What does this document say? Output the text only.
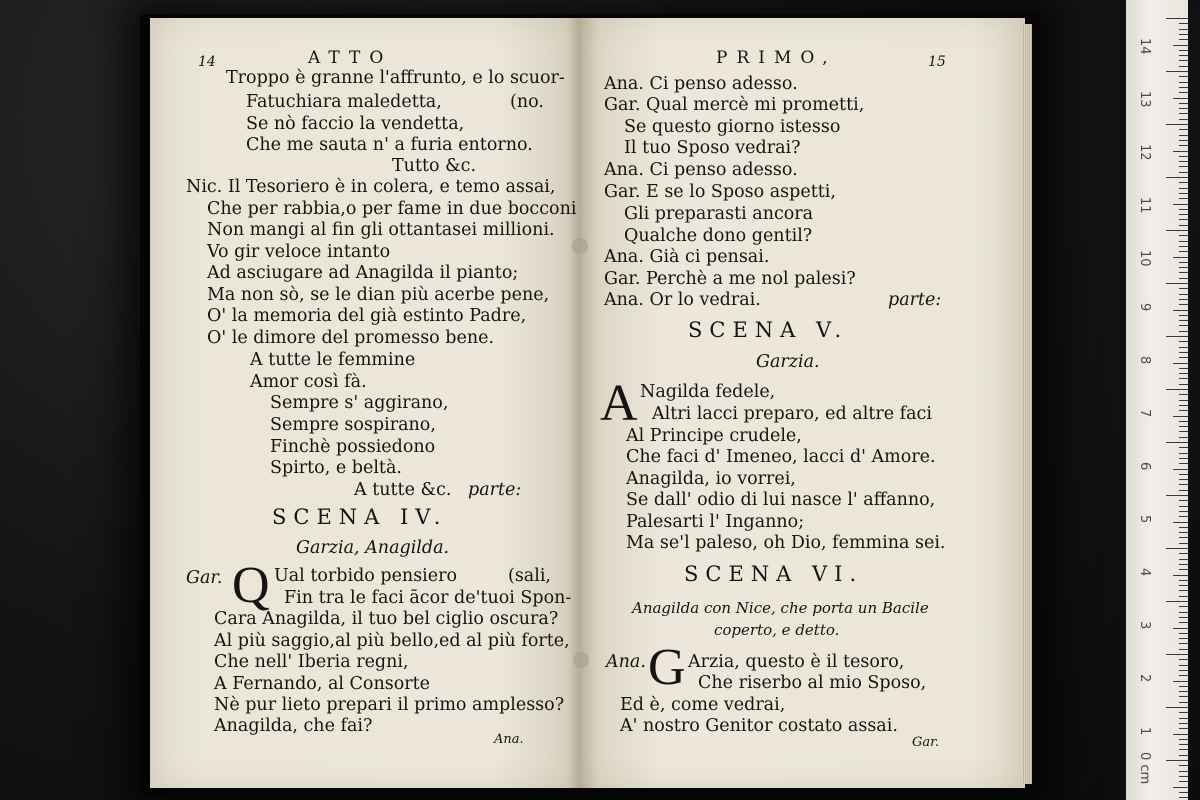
14	ATTO
Troppo è granne l'affrunto, e lo scuor-
Fatuchiara maledetta,	(no.
Se nò faccio la vendetta,
Che me sauta n' a furia entorno.
Tutto &c.
Nic. Il Tesoriero è in colera, e temo assai,
Che per rabbia,o per fame in due bocconi
Non mangi al fin gli ottantasei millioni.
Vo gir veloce intanto
Ad asciugare ad Anagilda il pianto;
Ma non sò, se le dian più acerbe pene,
O' la memoria del già estinto Padre,
O' le dimore del promesso bene.
A tutte le femmine
Amor così fà.
Sempre s' aggirano,
Sempre sospirano,
Finchè possiedono
Spirto, e beltà.
A tutte &c. parte:
SCENA IV.
Garzia, Anagilda.
Gar. Q Ual torbido pensiero	(sali,
Fin tra le faci ācor de'tuoi Spon-
Cara Anagilda, il tuo bel ciglio oscura?
Al più saggio,al più bello,ed al più forte,
Che nell' Iberia regni,
A Fernando, al Consorte
Nè pur lieto prepari il primo amplesso?
Anagilda, che fai?
Ana.
PRIMO,	15
Ana. Ci penso adesso.
Gar. Qual mercè mi prometti,
Se questo giorno istesso
Il tuo Sposo vedrai?
Ana. Ci penso adesso.
Gar. E se lo Sposo aspetti,
Gli preparasti ancora
Qualche dono gentil?
Ana. Già ci pensai.
Gar. Perchè a me nol palesi?
Ana. Or lo vedrai.	parte:
SCENA V.
Garzia.
A Nagilda fedele,
Altri lacci preparo, ed altre faci
Al Principe crudele,
Che faci d' Imeneo, lacci d' Amore.
Anagilda, io vorrei,
Se dall' odio di lui nasce l' affanno,
Palesarti l' Inganno;
Ma se'l paleso, oh Dio, femmina sei.
SCENA VI.
Anagilda con Nice, che porta un Bacile
coperto, e detto.
Ana. G Arzia, questo è il tesoro,
Che riserbo al mio Sposo,
Ed è, come vedrai,
A' nostro Genitor costato assai.
Gar.
14
13
12
11
10
9
8
7
6
5
4
3
2
1
0 cm
